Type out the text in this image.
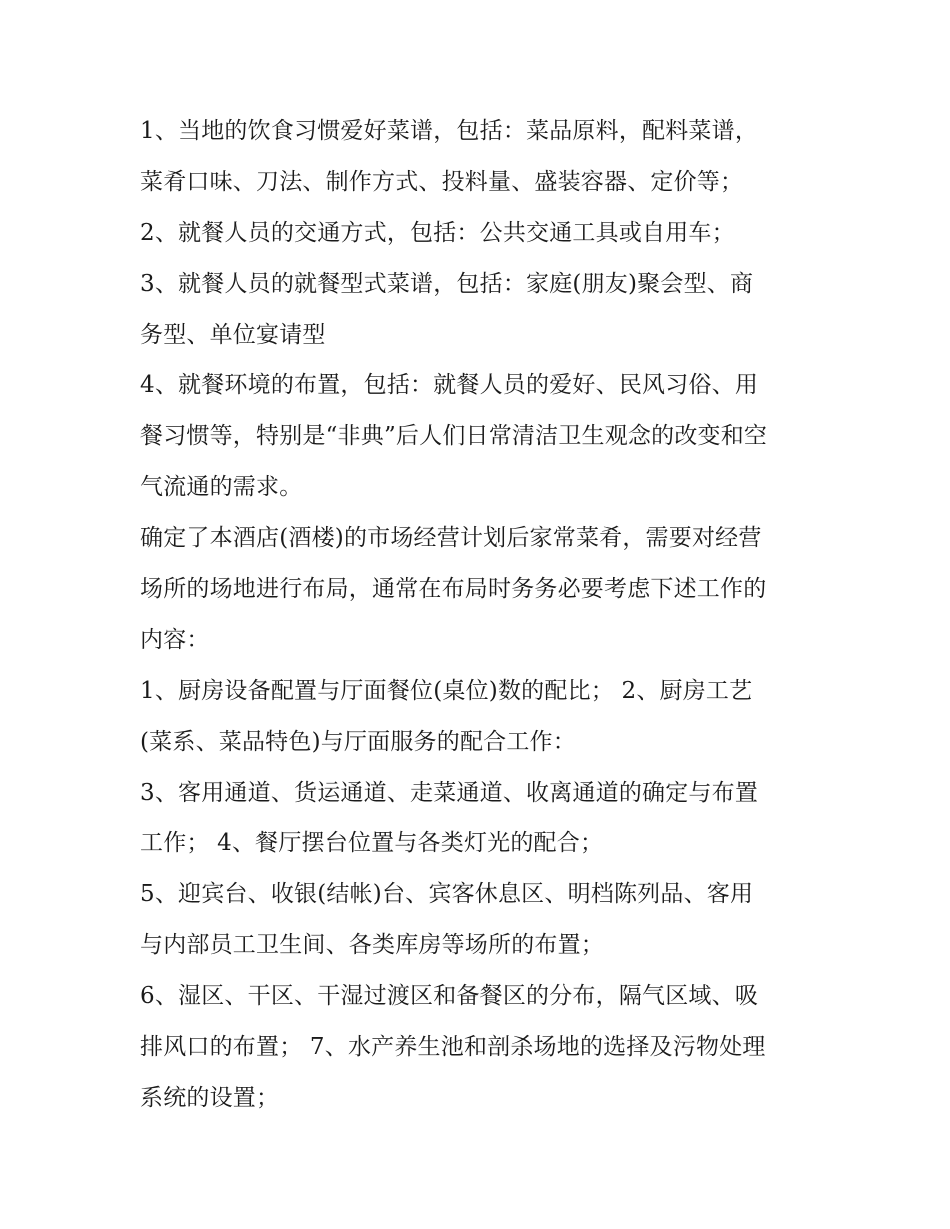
1、当地的饮食习惯爱好菜谱，包括：菜品原料，配料菜谱，
菜肴口味、刀法、制作方式、投料量、盛装容器、定价等；
2、就餐人员的交通方式，包括：公共交通工具或自用车；
3、就餐人员的就餐型式菜谱，包括：家庭(朋友)聚会型、商
务型、单位宴请型
4、就餐环境的布置，包括：就餐人员的爱好、民风习俗、用
餐习惯等，特别是“非典”后人们日常清洁卫生观念的改变和空
气流通的需求。
确定了本酒店(酒楼)的市场经营计划后家常菜肴，需要对经营
场所的场地进行布局，通常在布局时务务必要考虑下述工作的
内容：
1、厨房设备配置与厅面餐位(桌位)数的配比； 2、厨房工艺
(菜系、菜品特色)与厅面服务的配合工作：
3、客用通道、货运通道、走菜通道、收离通道的确定与布置
工作； 4、餐厅摆台位置与各类灯光的配合；
5、迎宾台、收银(结帐)台、宾客休息区、明档陈列品、客用
与内部员工卫生间、各类库房等场所的布置；
6、湿区、干区、干湿过渡区和备餐区的分布，隔气区域、吸
排风口的布置； 7、水产养生池和剖杀场地的选择及污物处理
系统的设置；
